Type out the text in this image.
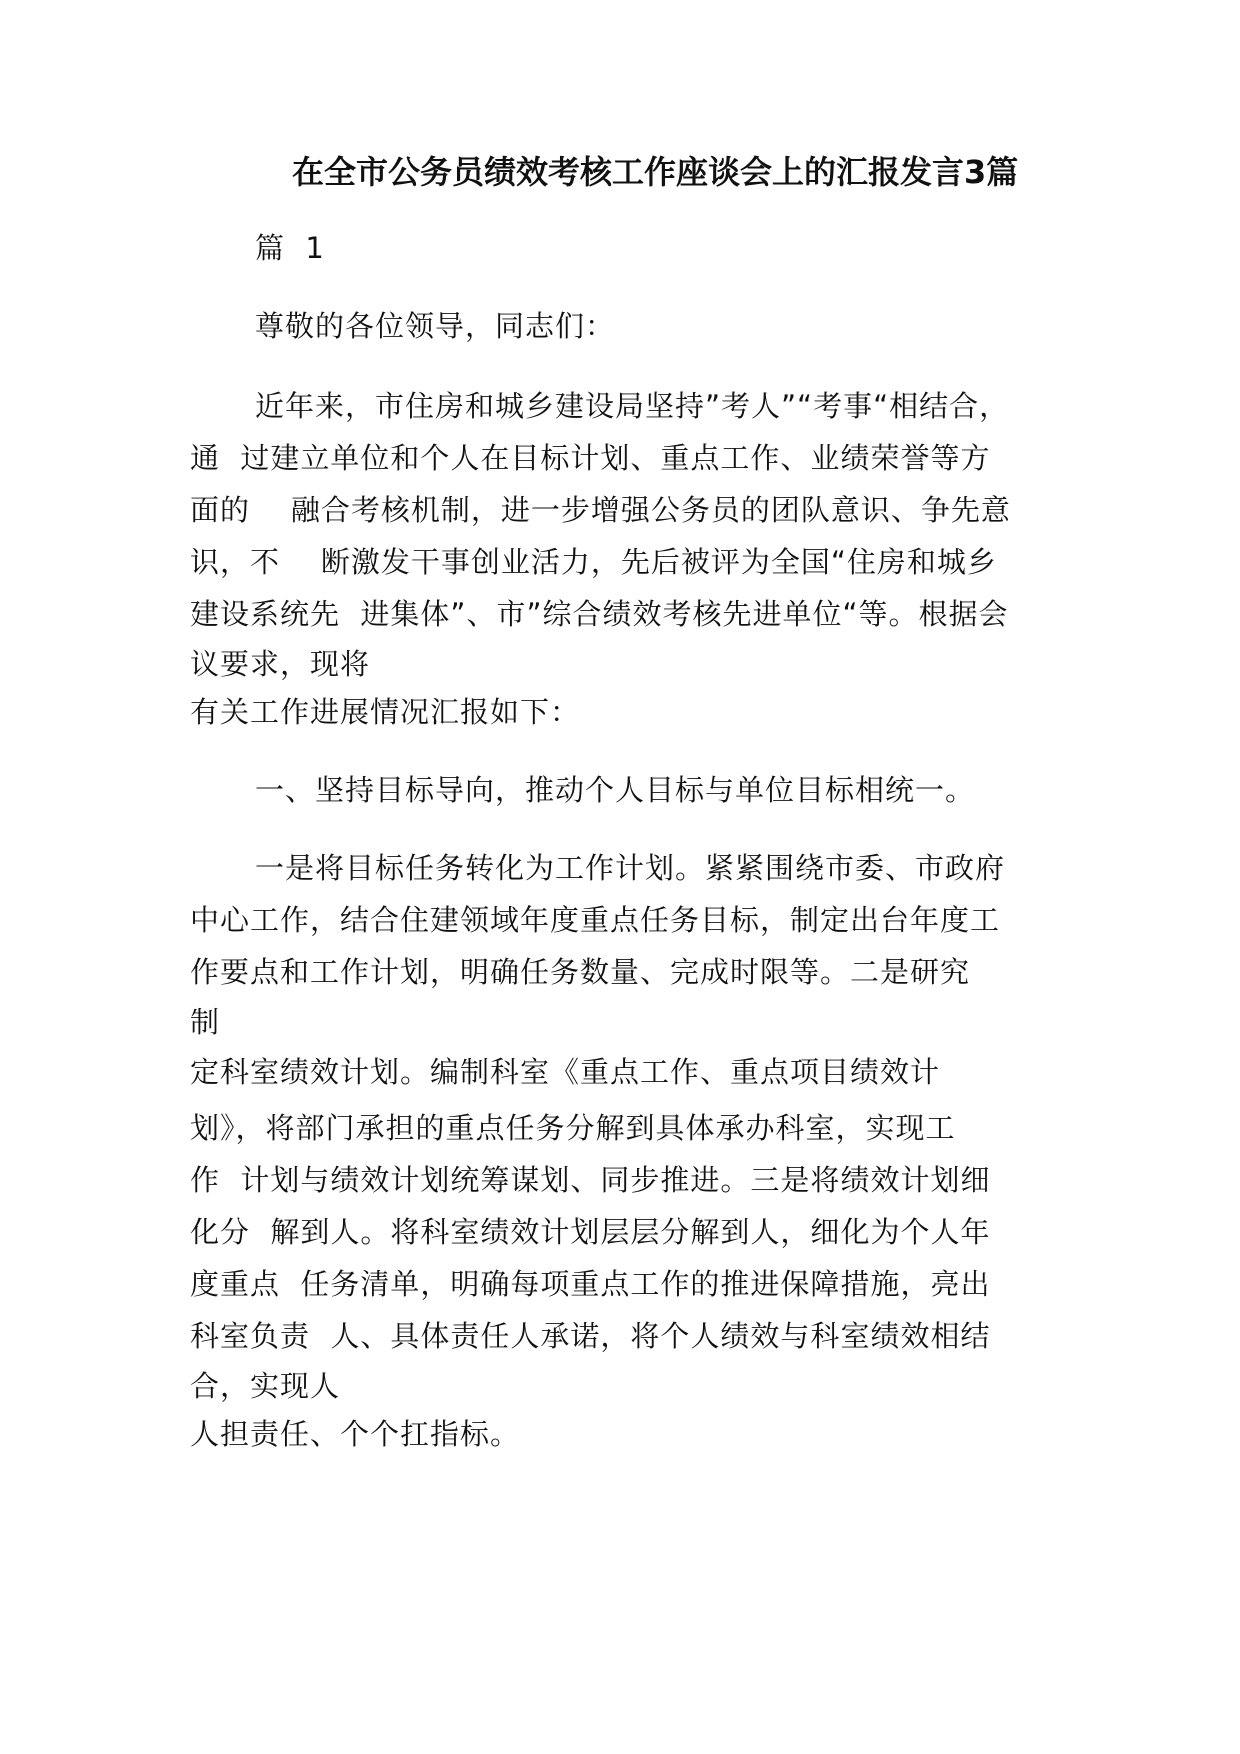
在全市公务员绩效考核工作座谈会上的汇报发言3篇
篇  1
尊敬的各位领导，同志们：
近年来，市住房和城乡建设局坚持”考人”“考事“相结合，
通  过建立单位和个人在目标计划、重点工作、业绩荣誉等方
面的    融合考核机制，进一步增强公务员的团队意识、争先意
识，不    断激发干事创业活力，先后被评为全国“住房和城乡
建设系统先  进集体”、市”综合绩效考核先进单位“等。根据会
议要求，现将
有关工作进展情况汇报如下：
一、坚持目标导向，推动个人目标与单位目标相统一。
一是将目标任务转化为工作计划。紧紧围绕市委、市政府
中心工作，结合住建领域年度重点任务目标，制定出台年度工
作要点和工作计划，明确任务数量、完成时限等。二是研究
制
定科室绩效计划。编制科室《重点工作、重点项目绩效计
划》，将部门承担的重点任务分解到具体承办科室，实现工
作  计划与绩效计划统筹谋划、同步推进。三是将绩效计划细
化分  解到人。将科室绩效计划层层分解到人，细化为个人年
度重点  任务清单，明确每项重点工作的推进保障措施，亮出
科室负责  人、具体责任人承诺，将个人绩效与科室绩效相结
合，实现人
人担责任、个个扛指标。
